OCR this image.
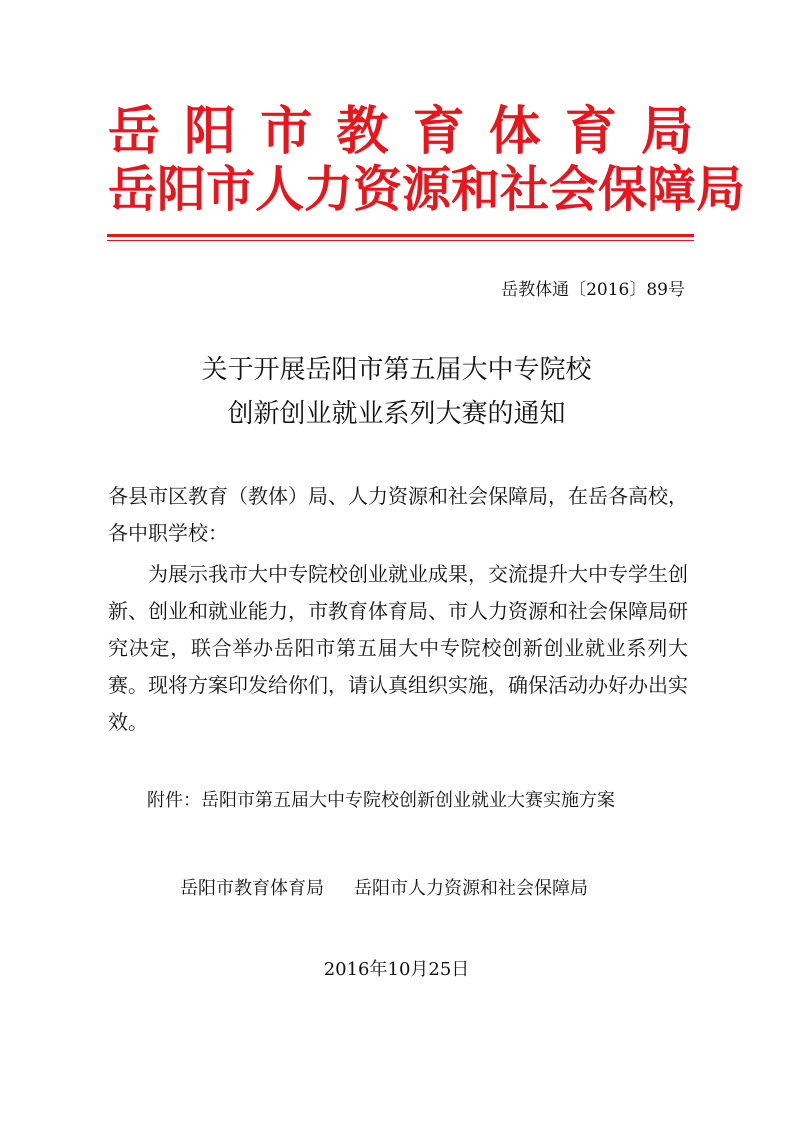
岳 阳 市 教 育 体 育 局
岳阳市人力资源和社会保障局
岳教体通〔2016〕89号
关于开展岳阳市第五届大中专院校
创新创业就业系列大赛的通知
各县市区教育（教体）局、人力资源和社会保障局，在岳各高校，各中职学校：
为展示我市大中专院校创业就业成果，交流提升大中专学生创新、创业和就业能力，市教育体育局、市人力资源和社会保障局研究决定，联合举办岳阳市第五届大中专院校创新创业就业系列大赛。现将方案印发给你们，请认真组织实施，确保活动办好办出实效。
附件：岳阳市第五届大中专院校创新创业就业大赛实施方案
岳阳市教育体育局 岳阳市人力资源和社会保障局
2016年10月25日
